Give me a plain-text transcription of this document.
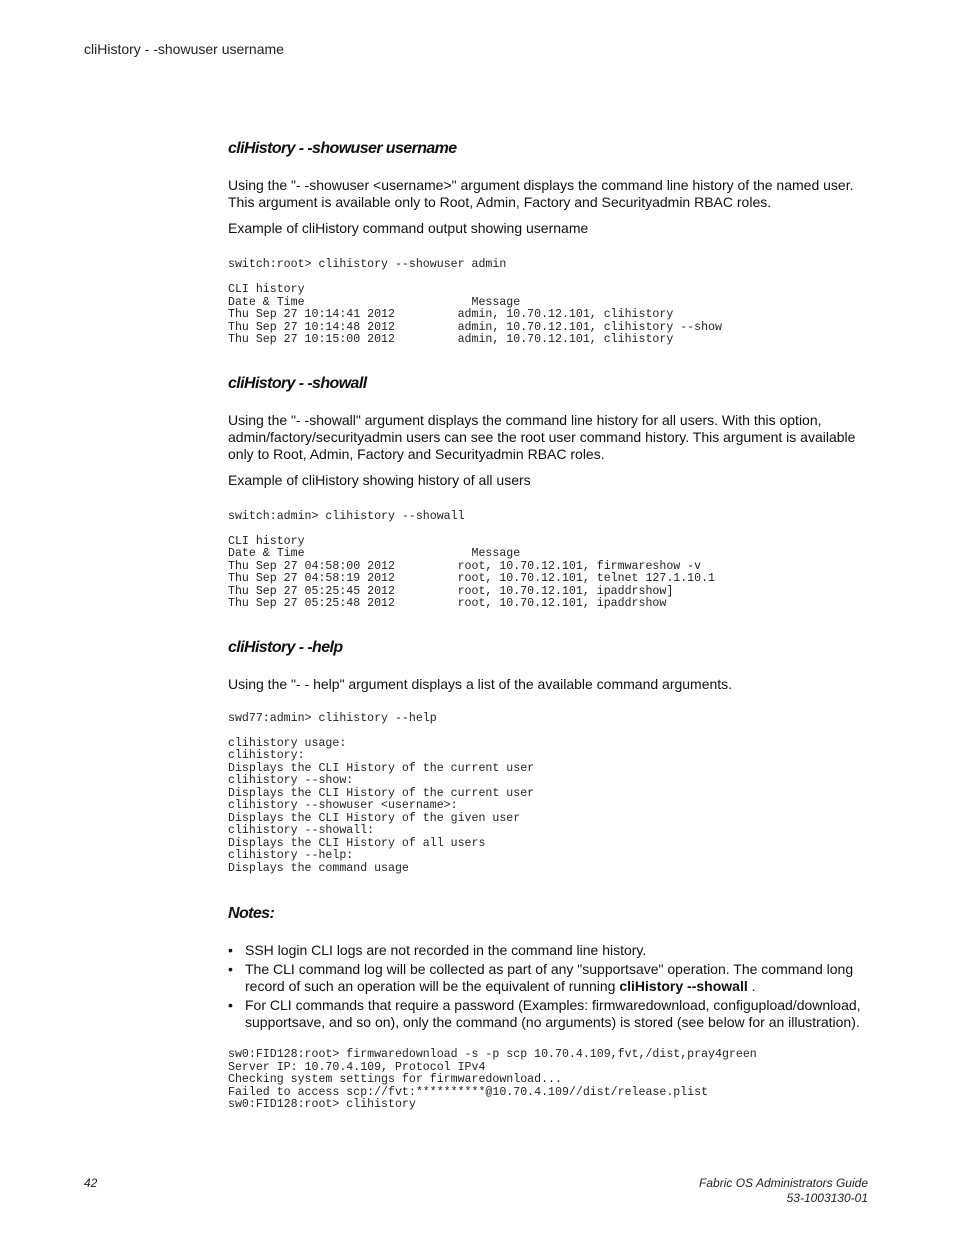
cliHistory - -showuser username
cliHistory - -showuser username

Using the "- -showuser <username>" argument displays the command line history of the named user. This argument is available only to Root, Admin, Factory and Securityadmin RBAC roles.

Example of cliHistory command output showing username

switch:root> clihistory --showuser admin

CLI history
Date & Time                        Message
Thu Sep 27 10:14:41 2012         admin, 10.70.12.101, clihistory
Thu Sep 27 10:14:48 2012         admin, 10.70.12.101, clihistory --show
Thu Sep 27 10:15:00 2012         admin, 10.70.12.101, clihistory
cliHistory - -showall

Using the "- -showall" argument displays the command line history for all users. With this option, admin/factory/securityadmin users can see the root user command history. This argument is available only to Root, Admin, Factory and Securityadmin RBAC roles.

Example of cliHistory showing history of all users

switch:admin> clihistory --showall

CLI history
Date & Time                        Message
Thu Sep 27 04:58:00 2012         root, 10.70.12.101, firmwareshow -v
Thu Sep 27 04:58:19 2012         root, 10.70.12.101, telnet 127.1.10.1
Thu Sep 27 05:25:45 2012         root, 10.70.12.101, ipaddrshow]
Thu Sep 27 05:25:48 2012         root, 10.70.12.101, ipaddrshow
cliHistory - -help

Using the "- - help" argument displays a list of the available command arguments.

swd77:admin> clihistory --help

clihistory usage:
clihistory:
Displays the CLI History of the current user
clihistory --show:
Displays the CLI History of the current user
clihistory --showuser <username>:
Displays the CLI History of the given user
clihistory --showall:
Displays the CLI History of all users
clihistory --help:
Displays the command usage
Notes:
• SSH login CLI logs are not recorded in the command line history.
• The CLI command log will be collected as part of any "supportsave" operation. The command long record of such an operation will be the equivalent of running cliHistory --showall .
• For CLI commands that require a password (Examples: firmwaredownload, configupload/download, supportsave, and so on), only the command (no arguments) is stored (see below for an illustration).
sw0:FID128:root> firmwaredownload -s -p scp 10.70.4.109,fvt,/dist,pray4green
Server IP: 10.70.4.109, Protocol IPv4
Checking system settings for firmwaredownload...
Failed to access scp://fvt:**********@10.70.4.109//dist/release.plist
sw0:FID128:root> clihistory
42	Fabric OS Administrators Guide
53-1003130-01
